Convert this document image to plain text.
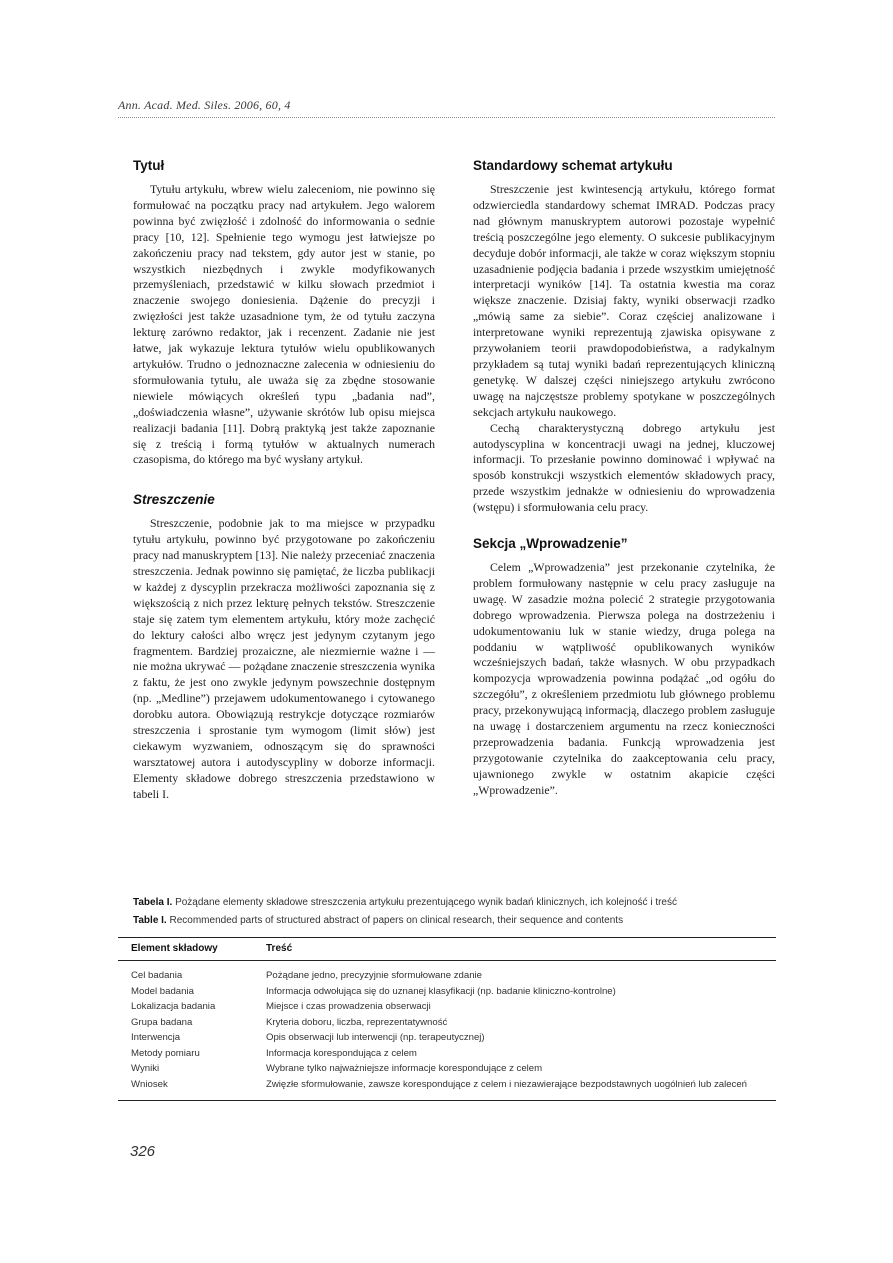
Ann. Acad. Med. Siles. 2006, 60, 4
Tytuł

Tytułu artykułu, wbrew wielu zaleceniom, nie powinno się formułować na początku pracy nad artykułem. Jego walorem powinna być zwięzłość i zdolność do informowania o sednie pracy [10, 12]. Spełnienie tego wymogu jest łatwiejsze po zakończeniu pracy nad tekstem, gdy autor jest w stanie, po wszystkich niezbędnych i zwykle modyfikowanych przemyśleniach, przedstawić w kilku słowach przedmiot i znaczenie swojego doniesienia. Dążenie do precyzji i zwięzłości jest także uzasadnione tym, że od tytułu zaczyna lekturę zarówno redaktor, jak i recenzent. Zadanie nie jest łatwe, jak wykazuje lektura tytułów wielu opublikowanych artykułów. Trudno o jednoznaczne zalecenia w odniesieniu do sformułowania tytułu, ale uważa się za zbędne stosowanie niewiele mówiących określeń typu „badania nad”, „doświadczenia własne”, używanie skrótów lub opisu miejsca realizacji badania [11]. Dobrą praktyką jest także zapoznanie się z treścią i formą tytułów w aktualnych numerach czasopisma, do którego ma być wysłany artykuł.

Streszczenie

Streszczenie, podobnie jak to ma miejsce w przypadku tytułu artykułu, powinno być przygotowane po zakończeniu pracy nad manuskryptem [13]. Nie należy przeceniać znaczenia streszczenia. Jednak powinno się pamiętać, że liczba publikacji w każdej z dyscyplin przekracza możliwości zapoznania się z większością z nich przez lekturę pełnych tekstów. Streszczenie staje się zatem tym elementem artykułu, który może zachęcić do lektury całości albo wręcz jest jedynym czytanym jego fragmentem. Bardziej prozaiczne, ale niezmiernie ważne i — nie można ukrywać — pożądane znaczenie streszczenia wynika z faktu, że jest ono zwykle jedynym powszechnie dostępnym (np. „Medline”) przejawem udokumentowanego i cytowanego dorobku autora. Obowiązują restrykcje dotyczące rozmiarów streszczenia i sprostanie tym wymogom (limit słów) jest ciekawym wyzwaniem, odnoszącym się do sprawności warsztatowej autora i autodyscypliny w doborze informacji. Elementy składowe dobrego streszczenia przedstawiono w tabeli I.

Standardowy schemat artykułu

Streszczenie jest kwintesencją artykułu, którego format odzwierciedla standardowy schemat IMRAD. Podczas pracy nad głównym manuskryptem autorowi pozostaje wypełnić treścią poszczególne jego elementy. O sukcesie publikacyjnym decyduje dobór informacji, ale także w coraz większym stopniu uzasadnienie podjęcia badania i przede wszystkim umiejętność interpretacji wyników [14]. Ta ostatnia kwestia ma coraz większe znaczenie. Dzisiaj fakty, wyniki obserwacji rzadko „mówią same za siebie”. Coraz częściej analizowane i interpretowane wyniki reprezentują zjawiska opisywane z przywołaniem teorii prawdopodobieństwa, a radykalnym przykładem są tutaj wyniki badań reprezentujących kliniczną genetykę. W dalszej części niniejszego artykułu zwrócono uwagę na najczęstsze problemy spotykane w poszczególnych sekcjach artykułu naukowego.

Cechą charakterystyczną dobrego artykułu jest autodyscyplina w koncentracji uwagi na jednej, kluczowej informacji. To przesłanie powinno dominować i wpływać na sposób konstrukcji wszystkich elementów składowych pracy, przede wszystkim jednakże w odniesieniu do wprowadzenia (wstępu) i sformułowania celu pracy.

Sekcja „Wprowadzenie”

Celem „Wprowadzenia” jest przekonanie czytelnika, że problem formułowany następnie w celu pracy zasługuje na uwagę. W zasadzie można polecić 2 strategie przygotowania dobrego wprowadzenia. Pierwsza polega na dostrzeżeniu i udokumentowaniu luk w stanie wiedzy, druga polega na poddaniu w wątpliwość opublikowanych wyników wcześniejszych badań, także własnych. W obu przypadkach kompozycja wprowadzenia powinna podążać „od ogółu do szczegółu”, z określeniem przedmiotu lub głównego problemu pracy, przekonywującą informacją, dlaczego problem zasługuje na uwagę i dostarczeniem argumentu na rzecz konieczności przeprowadzenia badania. Funkcją wprowadzenia jest przygotowanie czytelnika do zaakceptowania celu pracy, ujawnionego zwykle w ostatnim akapicie części „Wprowadzenie”.

Tabela I. Pożądane elementy składowe streszczenia artykułu prezentującego wynik badań klinicznych, ich kolejność i treść
Table I. Recommended parts of structured abstract of papers on clinical research, their sequence and contents
Element składowy	Treść
Cel badania	Pożądane jedno, precyzyjnie sformułowane zdanie
Model badania	Informacja odwołująca się do uznanej klasyfikacji (np. badanie kliniczno-kontrolne)
Lokalizacja badania	Miejsce i czas prowadzenia obserwacji
Grupa badana	Kryteria doboru, liczba, reprezentatywność
Interwencja	Opis obserwacji lub interwencji (np. terapeutycznej)
Metody pomiaru	Informacja korespondująca z celem
Wyniki	Wybrane tylko najważniejsze informacje korespondujące z celem
Wniosek	Zwięzłe sformułowanie, zawsze korespondujące z celem i niezawierające bezpodstawnych uogólnień lub zaleceń
326
